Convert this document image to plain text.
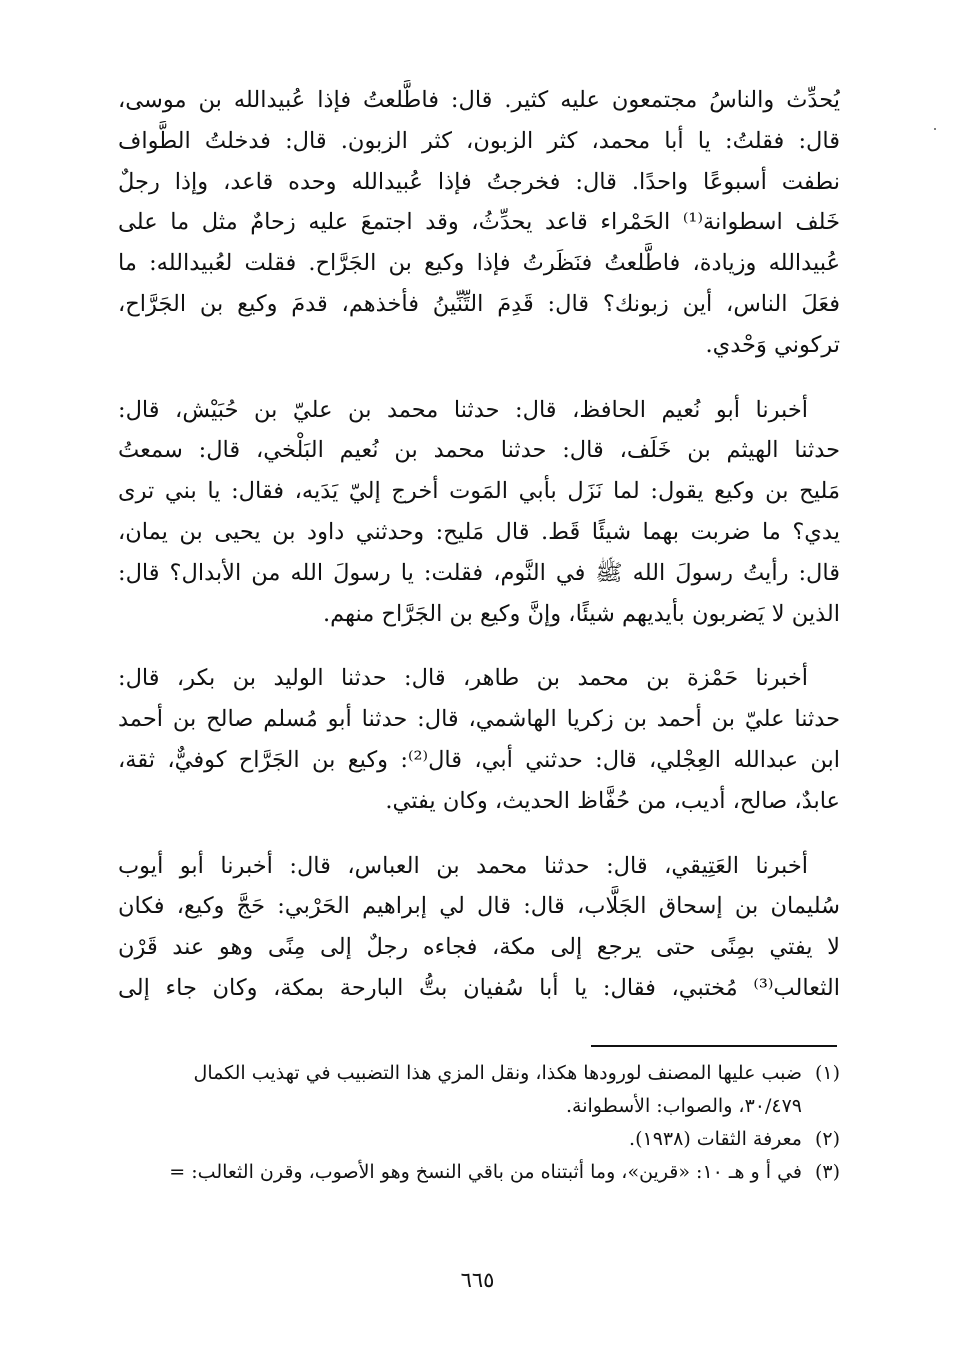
يُحدِّث والناسُ مجتمعون عليه كثير. قال: فاطَّلعتُ فإذا عُبيدالله بن موسى،
قال: فقلتُ: يا أبا محمد، كثر الزبون، كثر الزبون. قال: فدخلتُ الطَّواف
نطفت أسبوعًا واحدًا. قال: فخرجتُ فإذا عُبيدالله وحده قاعد، وإذا رجلٌ
خَلف اسطوانة⁽¹⁾ الحَمْراء قاعد يحدِّثُ، وقد اجتمعَ عليه زحامٌ مثل ما على
عُبيدالله وزيادة، فاطَّلعتُ فنَظَرتُ فإذا وكيع بن الجَرَّاح. فقلت لعُبيدالله: ما
فعَلَ الناس، أين زبونك؟ قال: قَدِمَ التِّنِّينُ فأخذهم، قدمَ وكيع بن الجَرَّاح،
تركوني وَحْدي.

أخبرنا أبو نُعيم الحافظ، قال: حدثنا محمد بن عليّ بن حُبَيْش، قال:
حدثنا الهيثم بن خَلَف، قال: حدثنا محمد بن نُعيم البَلْخي، قال: سمعتُ
مَليح بن وكيع يقول: لما نَزَل بأبي المَوت أخرج إليّ يَدَيه، فقال: يا بني ترى
يدي؟ ما ضربت بهما شيئًا قَط. قال مَليح: وحدثني داود بن يحيى بن يمان،
قال: رأيتُ رسولَ الله ﷺ في النَّوم، فقلت: يا رسولَ الله من الأبدال؟ قال:
الذين لا يَضربون بأيديهم شيئًا، وإنَّ وكيع بن الجَرَّاح منهم.

أخبرنا حَمْزة بن محمد بن طاهر، قال: حدثنا الوليد بن بكر، قال:
حدثنا عليّ بن أحمد بن زكريا الهاشمي، قال: حدثنا أبو مُسلم صالح بن أحمد
ابن عبدالله العِجْلي، قال: حدثني أبي، قال⁽²⁾: وكيع بن الجَرَّاح كوفيٌّ، ثقة،
عابدٌ، صالح، أديب، من حُفَّاظ الحديث، وكان يفتي.

أخبرنا العَتِيقي، قال: حدثنا محمد بن العباس، قال: أخبرنا أبو أيوب
سُليمان بن إسحاق الجَلَّاب، قال: قال لي إبراهيم الحَرْبي: حَجَّ وكيع، فكان
لا يفتي بمِنًى حتى يرجع إلى مكة، فجاءه رجلٌ إلى مِنًى وهو عند قَرْن
الثعالب⁽³⁾ مُختبي، فقال: يا أبا سُفيان بتُّ البارحة بمكة، وكان جاء إلى

(١)ضبب عليها المصنف لورودها هكذا، ونقل المزي هذا التضبيب في تهذيب الكمال
٣٠/٤٧٩، والصواب: الأسطوانة.
(٢)معرفة الثقات (١٩٣٨).
(٣)في أ و هـ ١٠: «قرين»، وما أثبتناه من باقي النسخ وهو الأصوب، وقرن الثعالب: =
٦٦٥
